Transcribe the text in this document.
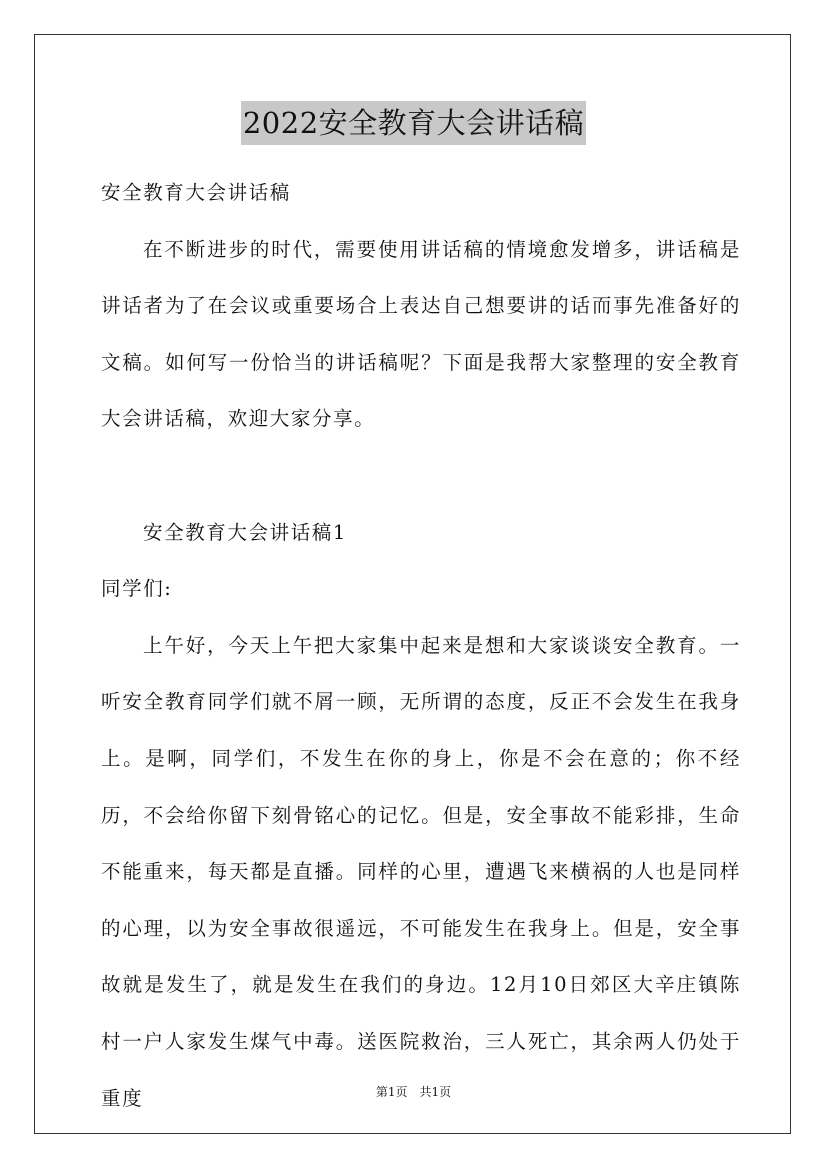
2022安全教育大会讲话稿

安全教育大会讲话稿

在不断进步的时代，需要使用讲话稿的情境愈发增多，讲话稿是讲话者为了在会议或重要场合上表达自己想要讲的话而事先准备好的文稿。如何写一份恰当的讲话稿呢？下面是我帮大家整理的安全教育大会讲话稿，欢迎大家分享。

安全教育大会讲话稿1

同学们:

上午好，今天上午把大家集中起来是想和大家谈谈安全教育。一听安全教育同学们就不屑一顾，无所谓的态度，反正不会发生在我身上。是啊，同学们，不发生在你的身上，你是不会在意的；你不经历，不会给你留下刻骨铭心的记忆。但是，安全事故不能彩排，生命不能重来，每天都是直播。同样的心里，遭遇飞来横祸的人也是同样的心理，以为安全事故很遥远，不可能发生在我身上。但是，安全事故就是发生了，就是发生在我们的身边。12月10日郊区大辛庄镇陈村一户人家发生煤气中毒。送医院救治，三人死亡，其余两人仍处于重度	第1页 共1页
